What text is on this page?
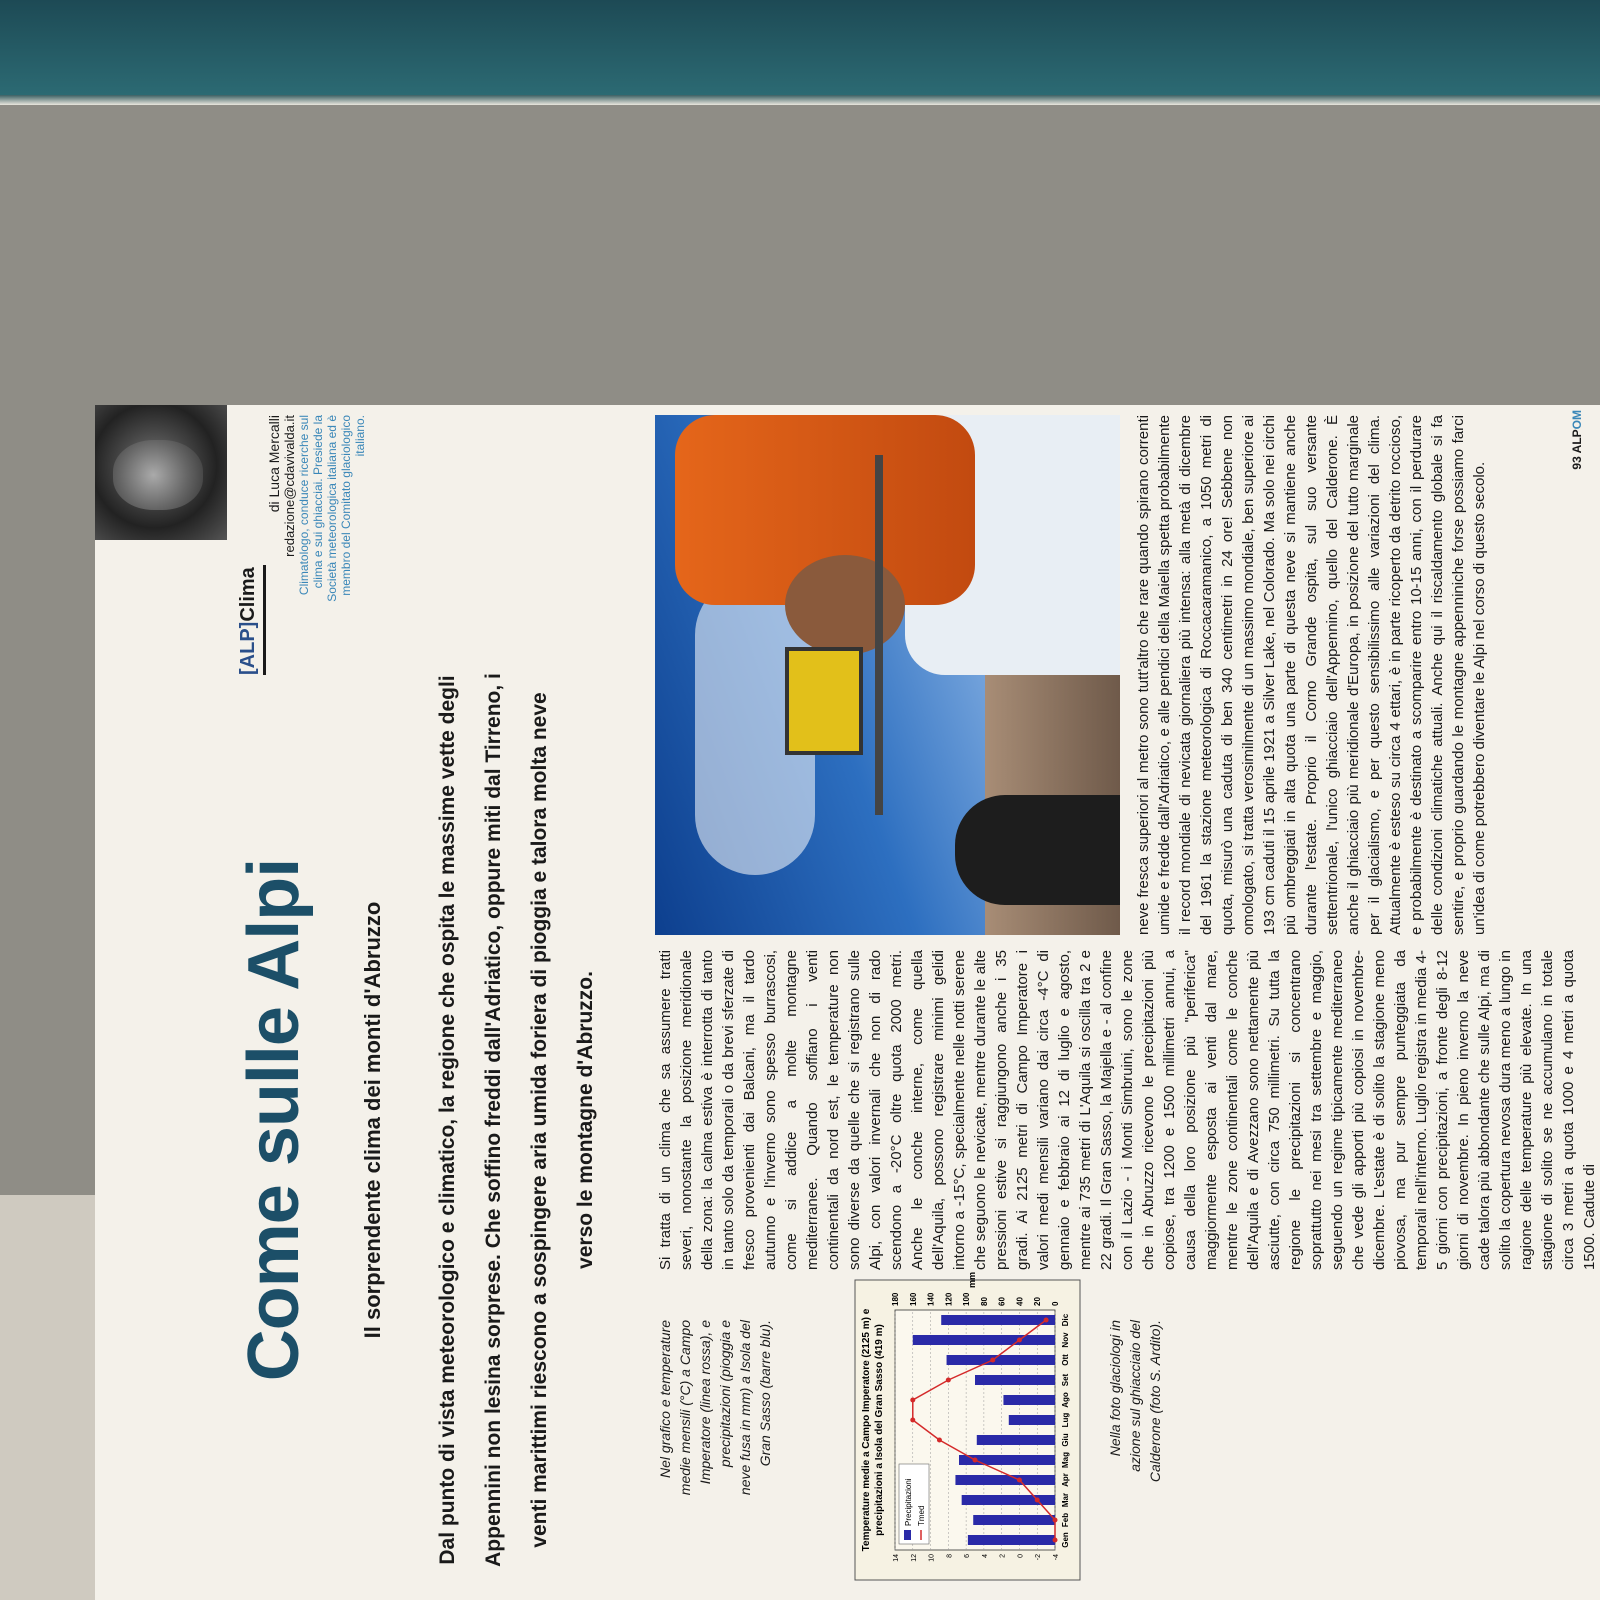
[ALP]Clima
di Luca Mercalli redazione@cdavivalda.it Climatologo, conduce ricerche sul clima e sui ghiacciai. Presiede la Società meteorologica italiana ed è membro del Comitato glaciologico italiano.
Come sulle Alpi Il sorprendente clima dei monti d'Abruzzo	Dal punto di vista meteorologico e climatico, la regione che ospita le massime vette degli Appennini non lesina sorprese. Che soffino freddi dall'Adriatico, oppure miti dal Tirreno, i venti marittimi riescono a sospingere aria umida foriera di pioggia e talora molta neve verso le montagne d'Abruzzo.
Nel grafico e temperature medie mensili (°C) a Campo Imperatore (linea rossa), e precipitazioni (pioggia e neve fusa in mm) a Isola del Gran Sasso (barre blu).	Temperature medie a Campo Imperatore (2125 m) e precipitazioni a Isola del Gran Sasso (419 m)
0
20
40
60
80
100
120
140
160
180
-4
-2
0
2
4
6
8
10
12
14
mm
Gen
Feb
Mar
Apr
Mag
Giu
Lug
Ago
Set
Ott
Nov
Dic
Precipitazioni Tmed
Nella foto glaciologi in azione sul ghiacciaio del Calderone (foto S. Ardito).

Si tratta di un clima che sa assumere tratti severi, nonostante la posizione meridionale della zona: la calma estiva è interrotta di tanto in tanto solo da temporali o da brevi sferzate di fresco provenienti dai Balcani, ma il tardo autunno e l'inverno sono spesso burrascosi, come si addice a molte montagne mediterranee. Quando soffiano i venti continentali da nord est, le temperature non sono diverse da quelle che si registrano sulle Alpi, con valori invernali che non di rado scendono a -20°C oltre quota 2000 metri. Anche le conche interne, come quella dell'Aquila, possono registrare minimi gelidi intorno a -15°C, specialmente nelle notti serene che seguono le nevicate, mentre durante le alte pressioni estive si raggiungono anche i 35 gradi. Ai 2125 metri di Campo Imperatore i valori medi mensili variano dai circa -4°C di gennaio e febbraio ai 12 di luglio e agosto, mentre ai 735 metri di L'Aquila si oscilla tra 2 e 22 gradi. Il Gran Sasso, la Majella e - al confine con il Lazio - i Monti Simbruini, sono le zone che in Abruzzo ricevono le precipitazioni più copiose, tra 1200 e 1500 millimetri annui, a causa della loro posizione più "periferica" maggiormente esposta ai venti dal mare, mentre le zone continentali come le conche dell'Aquila e di Avezzano sono nettamente più asciutte, con circa 750 millimetri. Su tutta la regione le precipitazioni si concentrano soprattutto nei mesi tra settembre e maggio, seguendo un regime tipicamente mediterraneo che vede gli apporti più copiosi in novembre-dicembre. L'estate è di solito la stagione meno piovosa, ma pur sempre punteggiata da temporali nell'interno. Luglio registra in media 4-5 giorni con precipitazioni, a fronte degli 8-12 giorni di novembre. In pieno inverno la neve cade talora più abbondante che sulle Alpi, ma di solito la copertura nevosa dura meno a lungo in ragione delle temperature più elevate. In una stagione di solito se ne accumulano in totale circa 3 metri a quota 1000 e 4 metri a quota 1500. Cadute di

neve fresca superiori al metro sono tutt'altro che rare quando spirano correnti umide e fredde dall'Adriatico, e alle pendici della Maiella spetta probabilmente il record mondiale di nevicata giornaliera più intensa: alla metà di dicembre del 1961 la stazione meteorologica di Roccacaramanico, a 1050 metri di quota, misurò una caduta di ben 340 centimetri in 24 ore! Sebbene non omologato, si tratta verosimilmente di un massimo mondiale, ben superiore ai 193 cm caduti il 15 aprile 1921 a Silver Lake, nel Colorado. Ma solo nei circhi più ombreggiati in alta quota una parte di questa neve si mantiene anche durante l'estate. Proprio il Corno Grande ospita, sul suo versante settentrionale, l'unico ghiacciaio dell'Appennino, quello del Calderone. È anche il ghiacciaio più meridionale d'Europa, in posizione del tutto marginale per il glacialismo, e per questo sensibilissimo alle variazioni del clima. Attualmente è esteso su circa 4 ettari, è in parte ricoperto da detrito roccioso, e probabilmente è destinato a scomparire entro 10-15 anni, con il perdurare delle condizioni climatiche attuali. Anche qui il riscaldamento globale si fa sentire, e proprio guardando le montagne appenniniche forse possiamo farci un'idea di come potrebbero diventare le Alpi nel corso di questo secolo.	93 ALPOM
